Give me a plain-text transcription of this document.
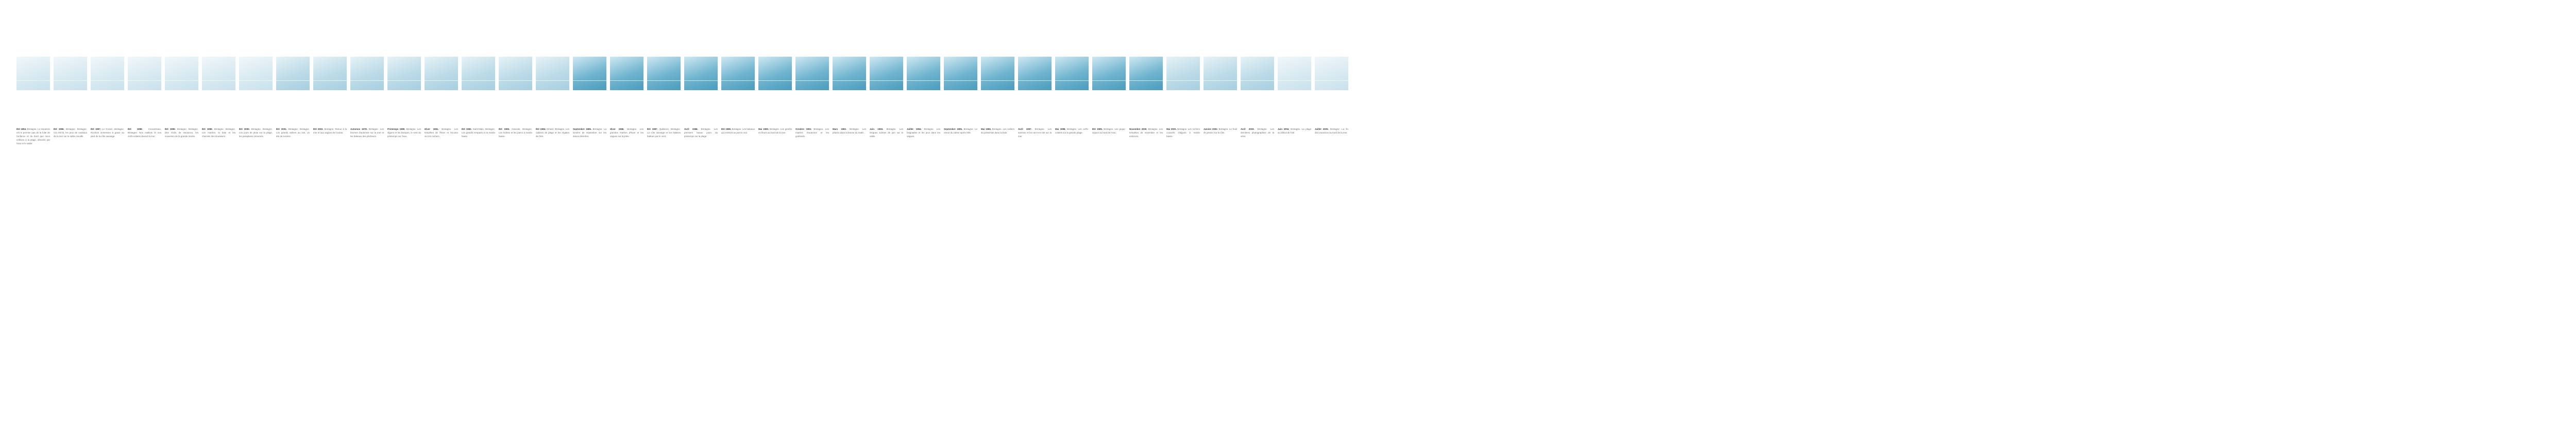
Été 1994. Bretagne. Le tracassin est le premier pas de la fuite de l'enfance et du bord que nous enfilons à la plage, dévorés par l'eau et le sable.
Été 1996. Bretagne. Bretagne. Cet été-là, les jeux de rouleaux de la mer sur le sable mouillé.
Été 1997. Le Croisic, Bretagne. Rochers immenses à gravir au pied de la côte sauvage.
Été 1998.	Concarneau, Bretagne. Nos maillots et nos cerfs-volants devant la mer.
Été 1999. Bretagne. Bretagne. Des récits de vacances, les souvenirs de la grande marée.
Été 1999. Bretagne. Bretagne. Les marées, la baie et les chemins des douaniers.
Été 2000. Bretagne. Bretagne. Les jours de pluie sur la plage, les parapluies retournés.
Été 2001. Bretagne, Bretagne. Les grands voiliers au loin, un été de lumière.
Été 2002. Bretagne. Retour à la mer et aux vagues de l'océan.
Automne 1978. Bretagne. Les brumes d'automne sur la mer et les bateaux des pêcheurs.
Printemps 1980. Bretagne. Les digues et les barques, le vent du printemps sur l'eau.
Hiver 1981. Bretagne. Les tempêtes de l'hiver et l'écume sur les rochers.
Été 1982. Saint-Malo, Bretagne. Les grands remparts et la marée haute.
Été 1983. Cancale, Bretagne. Les huîtres et les parcs à marée basse.
Été 1984. Dinard, Bretagne. Les cabines de plage et les régates de l'été.
Septembre 1985. Bretagne. La lumière de septembre sur les dunes désertes.
Hiver 1986. Bretagne. Les grandes marées d'hiver et les vagues sur la jetée.
Été 1987. Quiberon, Bretagne. La côte sauvage et les falaises battues par le vent.
Avril 1988. Bretagne. Les premiers beaux jours du printemps sur la plage.
Été 1989. Bretagne. Les bateaux qui rentrent au port le soir.
Mai 1990. Bretagne. Les genêts en fleurs au bord de la mer.
Octobre 1991. Bretagne. Les marées d'automne et les goélands.
Mars 1992. Bretagne. Les phares dans la brume du matin.
Juin 1993. Bretagne. Les longues soirées de juin sur le sable.
Juillet 1994. Bretagne. Les baignades et les jeux dans les vagues.
Septembre 1995. Bretagne. Le retour du calme après l'été.
Mai 1996. Bretagne. Les voiliers du printemps dans la baie.
Avril 1997. Bretagne. Les averses et les arcs-en-ciel sur la mer.
Mai 1998. Bretagne. Les cerfs-volants sur la grande plage.
Été 1999. Bretagne. Les pique-niques au bord de l'eau.
Novembre 2000. Bretagne. Les tempêtes de novembre et les embruns.
Mai 2001. Bretagne. Les rochers couverts d'algues à marée basse.
Janvier 2002. Bretagne. Le froid de janvier sur la côte.
Avril 2003. Bretagne. Les dernières photographies de la série.
Juin 2004. Bretagne. La plage au début de l'été.
Juillet 2005. Bretagne. La fin des vacances au bord de la mer.
